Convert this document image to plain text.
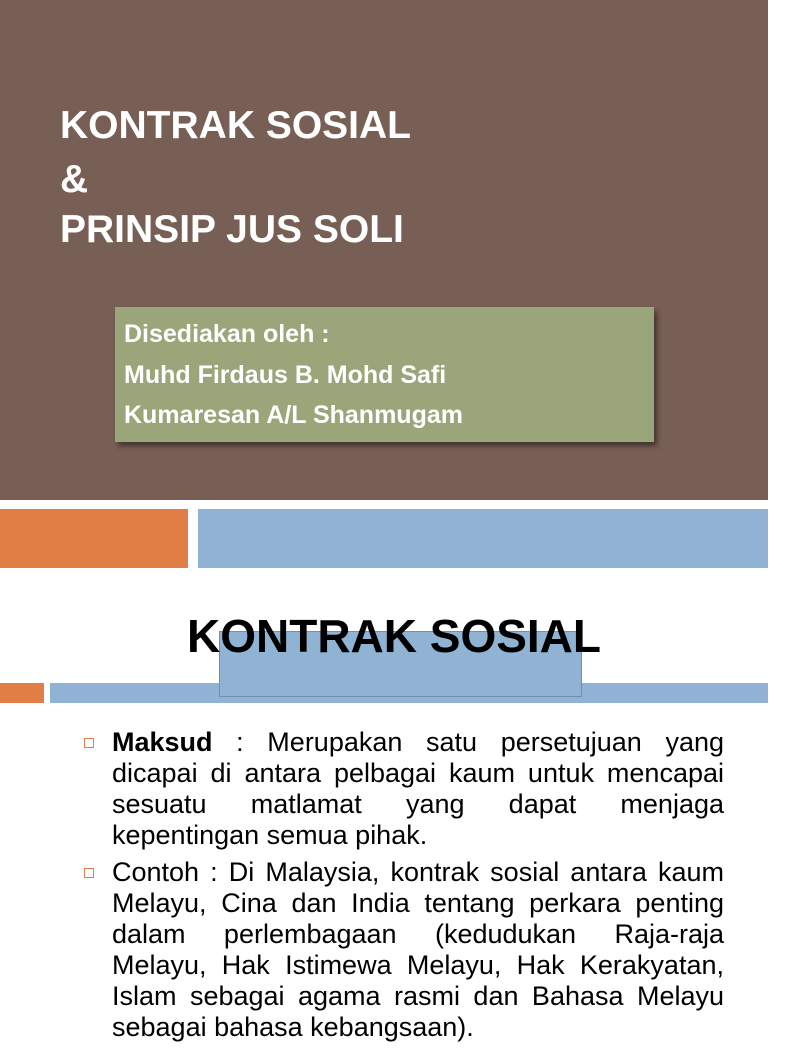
KONTRAK SOSIAL
&
PRINSIP JUS SOLI
Disediakan oleh :
Muhd Firdaus B. Mohd Safi
Kumaresan A/L Shanmugam
KONTRAK SOSIAL
Maksud : Merupakan satu persetujuan yang dicapai di antara pelbagai kaum untuk mencapai sesuatu matlamat yang dapat menjaga kepentingan semua pihak.
Contoh : Di Malaysia, kontrak sosial antara kaum Melayu, Cina dan India tentang perkara penting dalam perlembagaan (kedudukan Raja-raja Melayu, Hak Istimewa Melayu, Hak Kerakyatan, Islam sebagai agama rasmi dan Bahasa Melayu sebagai bahasa kebangsaan).
